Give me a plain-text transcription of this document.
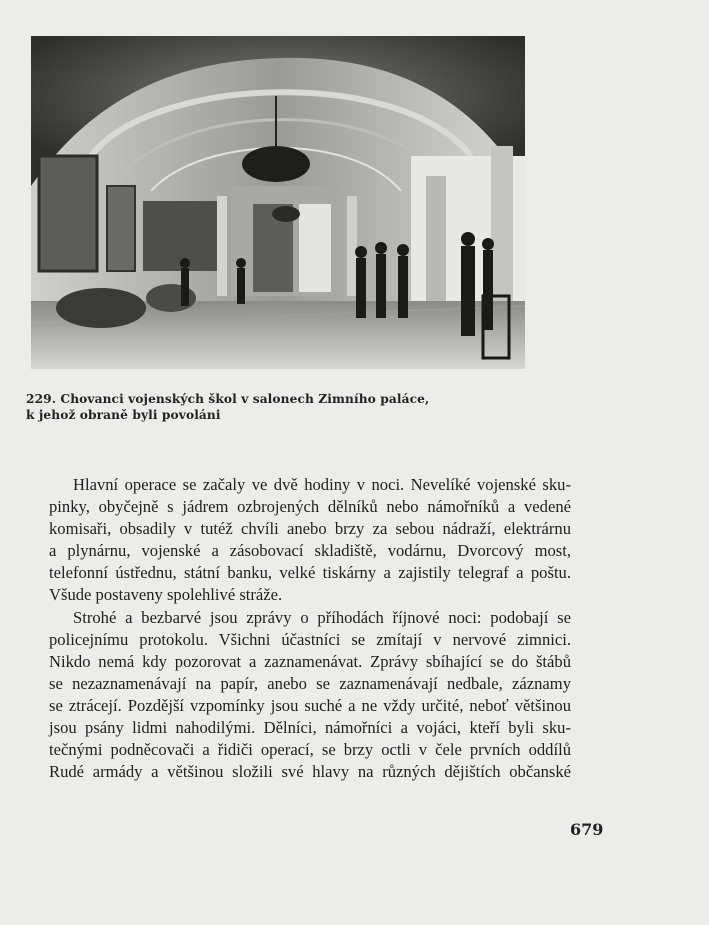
229. Chovanci vojenských škol v salonech Zimního paláce,
k jehož obraně byli povoláni
Hlavní operace se začaly ve dvě hodiny v noci. Nevelíké vojenské sku-
pinky, obyčejně s jádrem ozbrojených dělníků nebo námořníků a vedené
komisaři, obsadily v tutéž chvíli anebo brzy za sebou nádraží, elektrárnu
a plynárnu, vojenské a zásobovací skladiště, vodárnu, Dvorcový most,
telefonní ústřednu, státní banku, velké tiskárny a zajistily telegraf a poštu.
Všude postaveny spolehlivé stráže.
Strohé a bezbarvé jsou zprávy o příhodách říjnové noci: podobají se
policejnímu protokolu. Všichni účastníci se zmítají v nervové zimnici.
Nikdo nemá kdy pozorovat a zaznamenávat. Zprávy sbíhající se do štábů
se nezaznamenávají na papír, anebo se zaznamenávají nedbale, záznamy
se ztrácejí. Pozdější vzpomínky jsou suché a ne vždy určité, neboť většinou
jsou psány lidmi nahodilými. Dělníci, námořníci a vojáci, kteří byli sku-
tečnými podněcovači a řidiči operací, se brzy octli v čele prvních oddílů
Rudé armády a většinou složili své hlavy na různých dějištích občanské
679
